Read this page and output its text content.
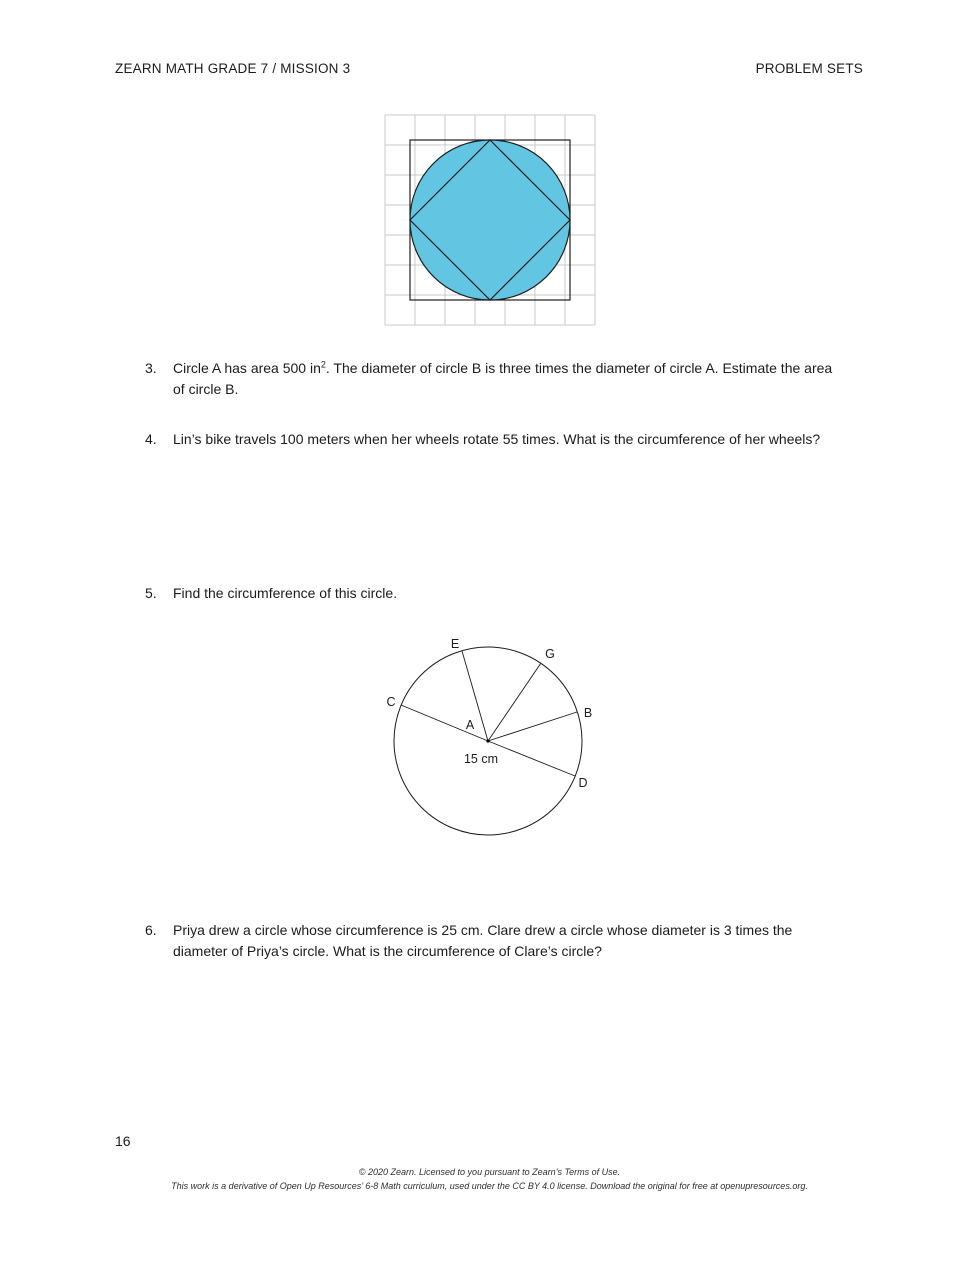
ZEARN MATH GRADE 7 / MISSION 3	PROBLEM SETS
3. Circle A has area 500 $in^2$. The diameter of circle B is three times the diameter of circle A. Estimate the area
of circle B.
4. Lin’s bike travels 100 meters when her wheels rotate 55 times. What is the circumference of her wheels?
5. Find the circumference of this circle.
E
G
C
B
D
A
15 cm
6. Priya drew a circle whose circumference is 25 cm. Clare drew a circle whose diameter is 3 times the
diameter of Priya’s circle. What is the circumference of Clare’s circle?
16
© 2020 Zearn. Licensed to you pursuant to Zearn’s Terms of Use.
This work is a derivative of Open Up Resources’ 6-8 Math curriculum, used under the CC BY 4.0 license. Download the original for free at openupresources.org.
